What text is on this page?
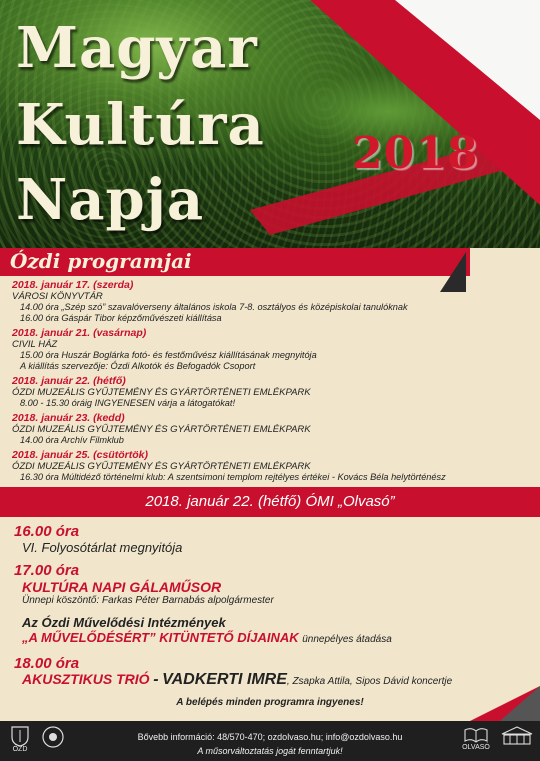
Magyar
Kultúra
Napja
2018
Ózdi programjai
2018. január 17. (szerda)
VÁROSI KÖNYVTÁR
14.00 óra „Szép szó” szavalóverseny általános iskola 7-8. osztályos és középiskolai tanulóknak
16.00 óra Gáspár Tibor képzőművészeti kiállítása
2018. január 21. (vasárnap)
CIVIL HÁZ
15.00 óra Huszár Boglárka fotó- és festőművész kiállításának megnyitója
A kiállítás szervezője: Ózdi Alkotók és Befogadók Csoport
2018. január 22. (hétfő)
ÓZDI MUZEÁLIS GYŰJTEMÉNY ÉS GYÁRTÖRTÉNETI EMLÉKPARK
8.00 - 15.30 óráig INGYENESEN várja a látogatókat!
2018. január 23. (kedd)
ÓZDI MUZEÁLIS GYŰJTEMÉNY ÉS GYÁRTÖRTÉNETI EMLÉKPARK
14.00 óra Archív Filmklub
2018. január 25. (csütörtök)
ÓZDI MUZEÁLIS GYŰJTEMÉNY ÉS GYÁRTÖRTÉNETI EMLÉKPARK
16.30 óra Múltidéző történelmi klub: A szentsimoni templom rejtélyes értékei - Kovács Béla helytörténész
2018. január 22. (hétfő) ÓMI „Olvasó”
16.00 óra
VI. Folyosótárlat megnyitója
17.00 óra
KULTÚRA NAPI GÁLAMŰSOR
Ünnepi köszöntő: Farkas Péter Barnabás alpolgármester
Az Ózdi Művelődési Intézmények
„A MŰVELŐDÉSÉRT” KITÜNTETŐ DÍJAINAK ünnepélyes átadása
18.00 óra
AKUSZTIKUS TRIÓ - VADKERTI IMRE, Zsapka Attila, Sipos Dávid koncertje
A belépés minden programra ingyenes!
Bővebb információ: 48/570-470; ozdolvaso.hu; info@ozdolvaso.hu
A műsorváltoztatás jogát fenntartjuk!
ÓZD	OLVASÓ
